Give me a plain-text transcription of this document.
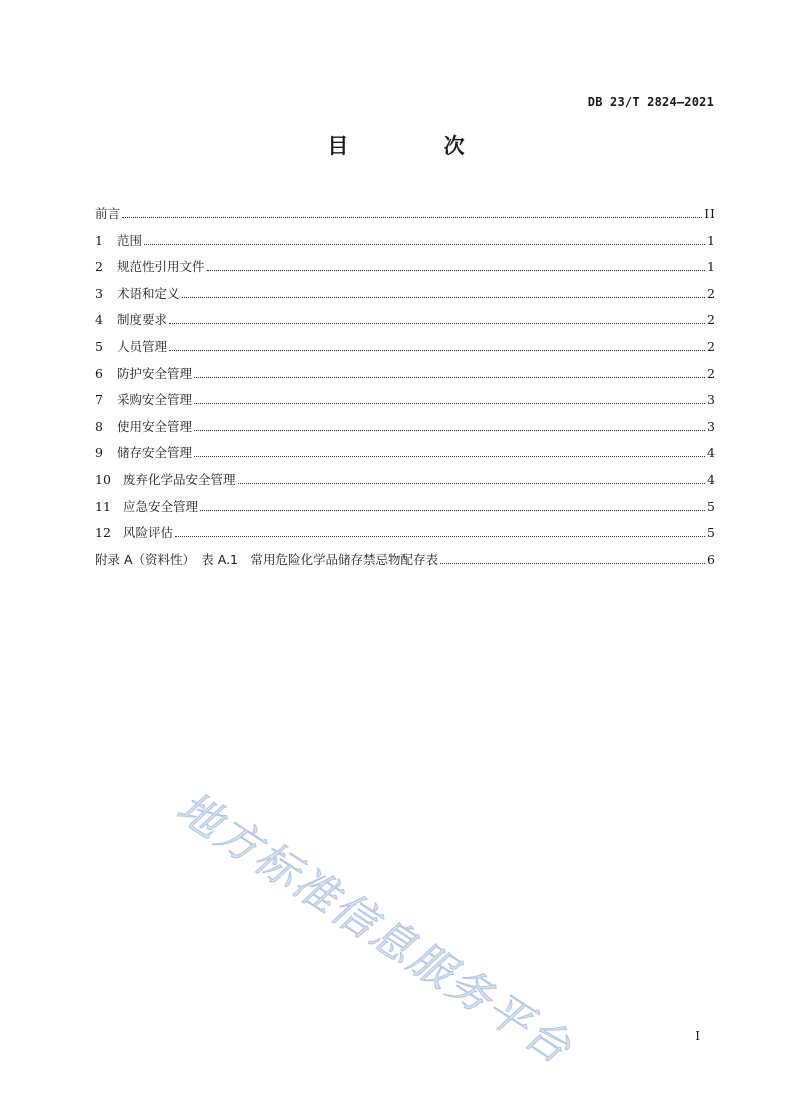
DB 23/T 2824—2021
目 次
前言	II
1	范围	1
2	规范性引用文件	1
3	术语和定义	2
4	制度要求	2
5	人员管理	2
6	防护安全管理	2
7	采购安全管理	3
8	使用安全管理	3
9	储存安全管理	4
10 废弃化学品安全管理	4
11 应急安全管理	5
12 风险评估	5
附录 A（资料性）　表 A.1　常用危险化学品储存禁忌物配存表	6
地方标准信息服务平台	I
